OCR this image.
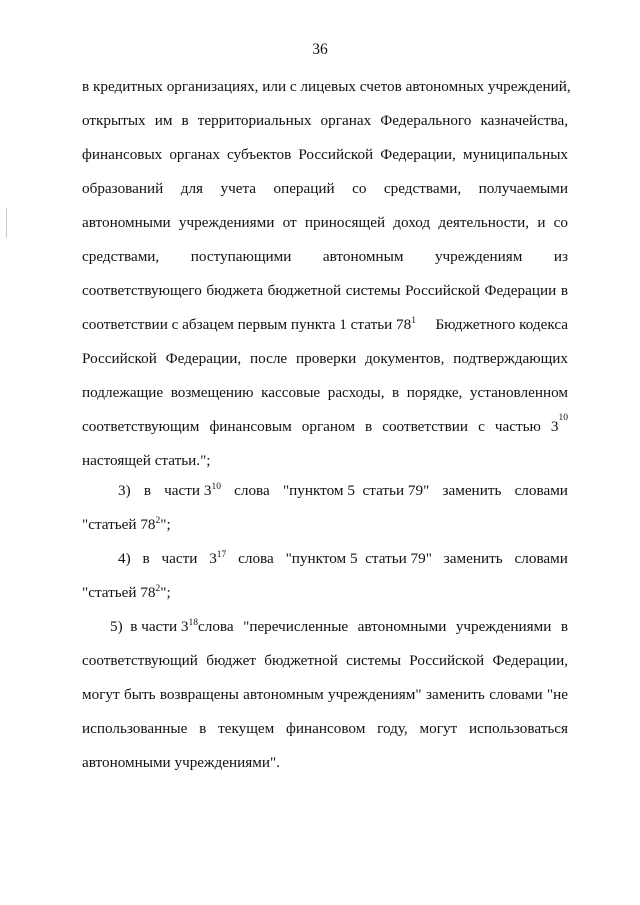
36
в кредитных организациях, или с лицевых счетов автономных учреждений,
открытых им в территориальных органах Федерального казначейства,
финансовых органах субъектов Российской Федерации, муниципальных
образований для учета операций со средствами, получаемыми
автономными учреждениями от приносящей доход деятельности, и со
средствами, поступающими автономным учреждениям из
соответствующего бюджета бюджетной системы Российской Федерации в
соответствии с абзацем первым пункта 1 статьи $78^1$ Бюджетного кодекса
Российской Федерации, после проверки документов, подтверждающих
подлежащие возмещению кассовые расходы, в порядке, установленном
соответствующим финансовым органом в соответствии с частью 3 10
настоящей статьи.";
3) в части $3^{10}$ слова "пунктом 5  статьи 79" заменить словами
"статьей $78^2$";
4) в части $3^{17}$ слова "пунктом 5  статьи 79" заменить словами
"статьей $78^2$";
5)  в части $3^{18}$ слова "перечисленные автономными учреждениями в
соответствующий бюджет бюджетной системы Российской Федерации,
могут быть возвращены автономным учреждениям" заменить словами "не
использованные в текущем финансовом году, могут использоваться
автономными учреждениями".
